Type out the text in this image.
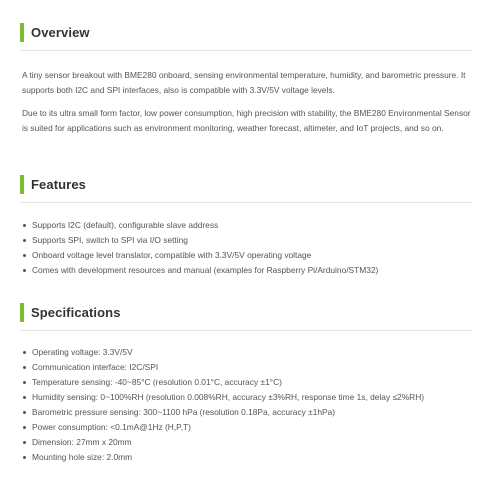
Overview

A tiny sensor breakout with BME280 onboard, sensing environmental temperature, humidity, and barometric pressure. It supports both I2C and SPI interfaces, also is compatible with 3.3V/5V voltage levels.

Due to its ultra small form factor, low power consumption, high precision with stability, the BME280 Environmental Sensor is suited for applications such as environment monitoring, weather forecast, altimeter, and IoT projects, and so on.

Features
Supports I2C (default), configurable slave address
Supports SPI, switch to SPI via I/O setting
Onboard voltage level translator, compatible with 3.3V/5V operating voltage
Comes with development resources and manual (examples for Raspberry Pi/Arduino/STM32)
Specifications
Operating voltage: 3.3V/5V
Communication interface: I2C/SPI
Temperature sensing: -40~85°C (resolution 0.01°C, accuracy ±1°C)
Humidity sensing: 0~100%RH (resolution 0.008%RH, accuracy ±3%RH, response time 1s, delay ≤2%RH)
Barometric pressure sensing: 300~1100 hPa (resolution 0.18Pa, accuracy ±1hPa)
Power consumption: <0.1mA@1Hz (H,P,T)
Dimension: 27mm x 20mm
Mounting hole size: 2.0mm
